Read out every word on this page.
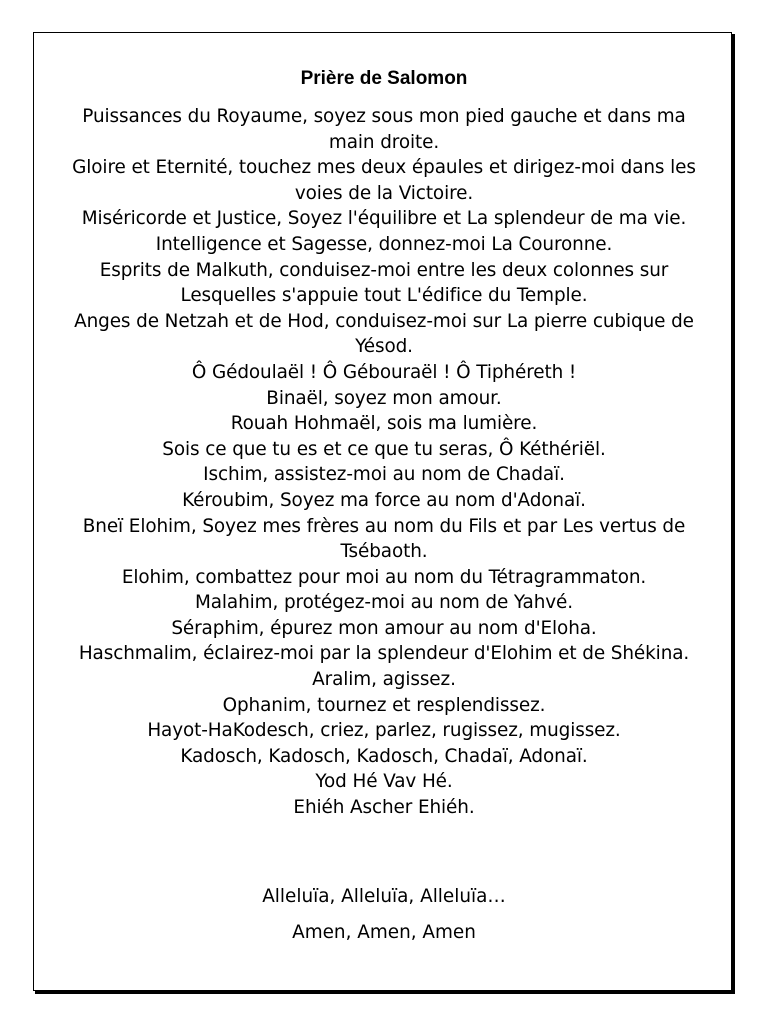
Prière de Salomon

Puissances du Royaume, soyez sous mon pied gauche et dans ma main droite.

Gloire et Eternité, touchez mes deux épaules et dirigez-moi dans les voies de la Victoire.

Miséricorde et Justice, Soyez l'équilibre et La splendeur de ma vie.

Intelligence et Sagesse, donnez-moi La Couronne.

Esprits de Malkuth, conduisez-moi entre les deux colonnes sur Lesquelles s'appuie tout L'édifice du Temple.

Anges de Netzah et de Hod, conduisez-moi sur La pierre cubique de Yésod.

Ô Gédoulaël ! Ô Gébouraël ! Ô Tiphéreth !

Binaël, soyez mon amour.

Rouah Hohmaël, sois ma lumière.

Sois ce que tu es et ce que tu seras, Ô Kéthériël.

Ischim, assistez-moi au nom de Chadaï.

Kéroubim, Soyez ma force au nom d'Adonaï.

Bneï Elohim, Soyez mes frères au nom du Fils et par Les vertus de Tsébaoth.

Elohim, combattez pour moi au nom du Tétragrammaton.

Malahim, protégez-moi au nom de Yahvé.

Séraphim, épurez mon amour au nom d'Eloha.

Haschmalim, éclairez-moi par la splendeur d'Elohim et de Shékina.

Aralim, agissez.

Ophanim, tournez et resplendissez.

Hayot-HaKodesch, criez, parlez, rugissez, mugissez.

Kadosch, Kadosch, Kadosch, Chadaï, Adonaï.

Yod Hé Vav Hé.

Ehiéh Ascher Ehiéh.

Alleluïa, Alleluïa, Alleluïa…
Amen, Amen, Amen
